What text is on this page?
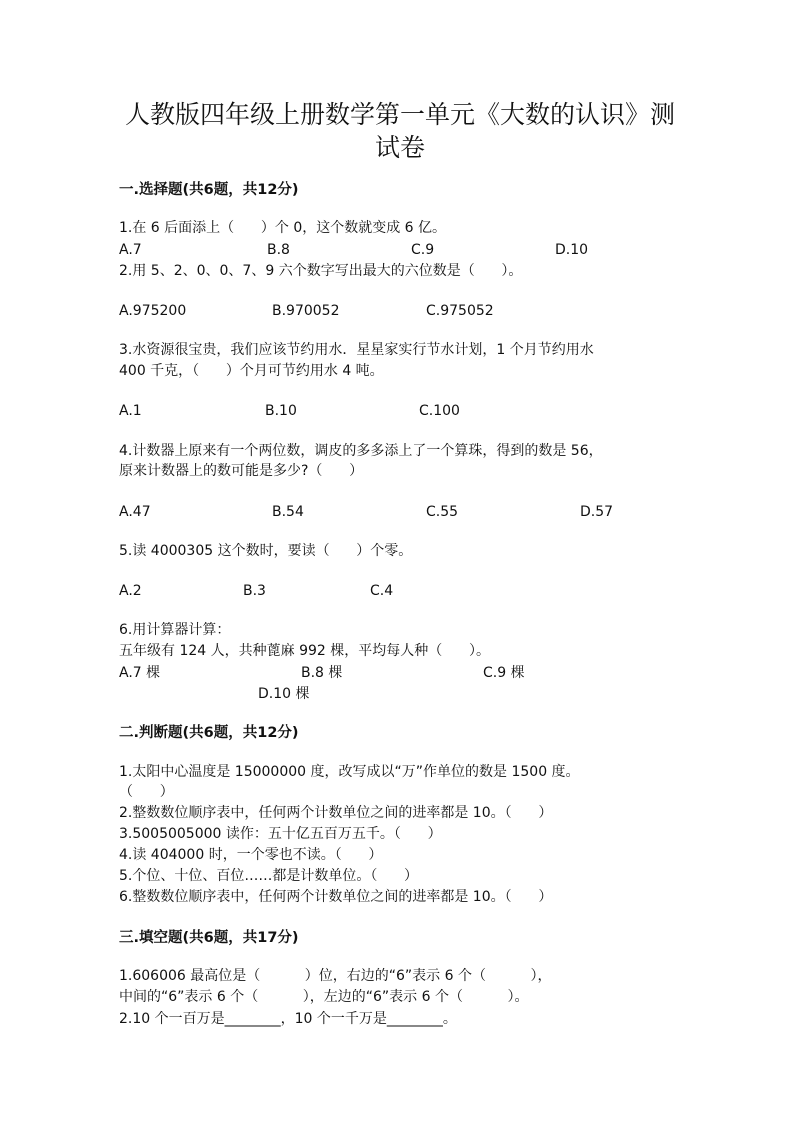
人教版四年级上册数学第一单元《大数的认识》测
试卷
一.选择题(共6题，共12分)
1.在 6 后面添上（      ）个 0，这个数就变成 6 亿。
A.7	B.8	C.9	D.10
2.用 5、2、0、0、7、9 六个数字写出最大的六位数是（      ）。
A.975200	B.970052	C.975052
3.水资源很宝贵，我们应该节约用水．星星家实行节水计划，1 个月节约用水
400 千克，（      ）个月可节约用水 4 吨。
A.1	B.10	C.100
4.计数器上原来有一个两位数，调皮的多多添上了一个算珠，得到的数是 56，
原来计数器上的数可能是多少?（      ）
A.47	B.54	C.55	D.57
5.读 4000305 这个数时，要读（      ）个零。
A.2	B.3	C.4
6.用计算器计算：
五年级有 124 人，共种蓖麻 992 棵，平均每人种（      ）。
A.7 棵	B.8 棵	C.9 棵
D.10 棵
二.判断题(共6题，共12分)
1.太阳中心温度是 15000000 度，改写成以“万”作单位的数是 1500 度。
（      ）
2.整数数位顺序表中，任何两个计数单位之间的进率都是 10。（      ）
3.5005005000 读作：五十亿五百万五千。（      ）
4.读 404000 时，一个零也不读。（      ）
5.个位、十位、百位……都是计数单位。（      ）
6.整数数位顺序表中，任何两个计数单位之间的进率都是 10。（      ）
三.填空题(共6题，共17分)
1.606006 最高位是（          ）位，右边的“6”表示 6 个（          ），
中间的“6”表示 6 个（          ），左边的“6”表示 6 个（          ）。
2.10 个一百万是________，10 个一千万是________。
